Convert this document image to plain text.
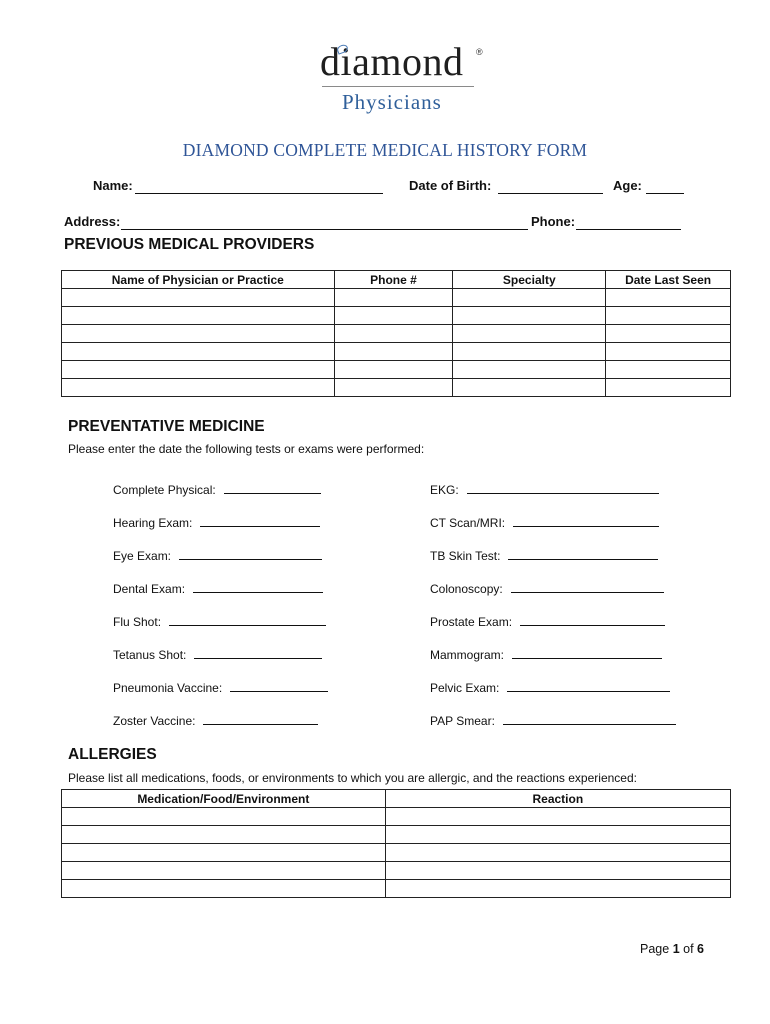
diamond ®
Physicians
DIAMOND COMPLETE MEDICAL HISTORY FORM
Name:	Date of Birth:	Age:
Address:	Phone:
PREVIOUS MEDICAL PROVIDERS
Name of Physician or Practice	Phone #	Specialty	Date Last Seen

PREVENTATIVE MEDICINE
Please enter the date the following tests or exams were performed:
Complete Physical:
Hearing Exam:
Eye Exam:
Dental Exam:
Flu Shot:
Tetanus Shot:
Pneumonia Vaccine:
Zoster Vaccine:
EKG:
CT Scan/MRI:
TB Skin Test:
Colonoscopy:
Prostate Exam:
Mammogram:
Pelvic Exam:
PAP Smear:
ALLERGIES
Please list all medications, foods, or environments to which you are allergic, and the reactions experienced:
Medication/Food/Environment	Reaction

Page 1 of 6
